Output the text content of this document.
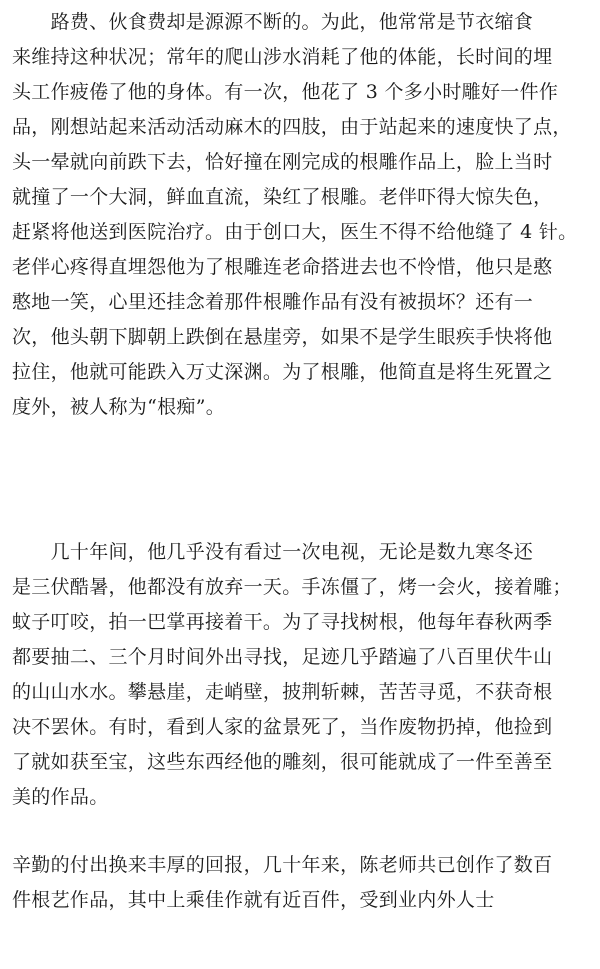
　　路费、伙食费却是源源不断的。为此，他常常是节衣缩食
来维持这种状况；常年的爬山涉水消耗了他的体能，长时间的埋
头工作疲倦了他的身体。有一次，他花了 3 个多小时雕好一件作
品，刚想站起来活动活动麻木的四肢，由于站起来的速度快了点，
头一晕就向前跌下去，恰好撞在刚完成的根雕作品上，脸上当时
就撞了一个大洞，鲜血直流，染红了根雕。老伴吓得大惊失色，
赶紧将他送到医院治疗。由于创口大，医生不得不给他缝了 4 针。
老伴心疼得直埋怨他为了根雕连老命搭进去也不怜惜，他只是憨
憨地一笑，心里还挂念着那件根雕作品有没有被损坏？还有一
次，他头朝下脚朝上跌倒在悬崖旁，如果不是学生眼疾手快将他
拉住，他就可能跌入万丈深渊。为了根雕，他简直是将生死置之
度外，被人称为“根痴”。
　　几十年间，他几乎没有看过一次电视，无论是数九寒冬还
是三伏酷暑，他都没有放弃一天。手冻僵了，烤一会火，接着雕；
蚊子叮咬，拍一巴掌再接着干。为了寻找树根，他每年春秋两季
都要抽二、三个月时间外出寻找，足迹几乎踏遍了八百里伏牛山
的山山水水。攀悬崖，走峭壁，披荆斩棘，苦苦寻觅，不获奇根
决不罢休。有时，看到人家的盆景死了，当作废物扔掉，他捡到
了就如获至宝，这些东西经他的雕刻，很可能就成了一件至善至
美的作品。
辛勤的付出换来丰厚的回报，几十年来，陈老师共已创作了数百
件根艺作品，其中上乘佳作就有近百件，受到业内外人士
